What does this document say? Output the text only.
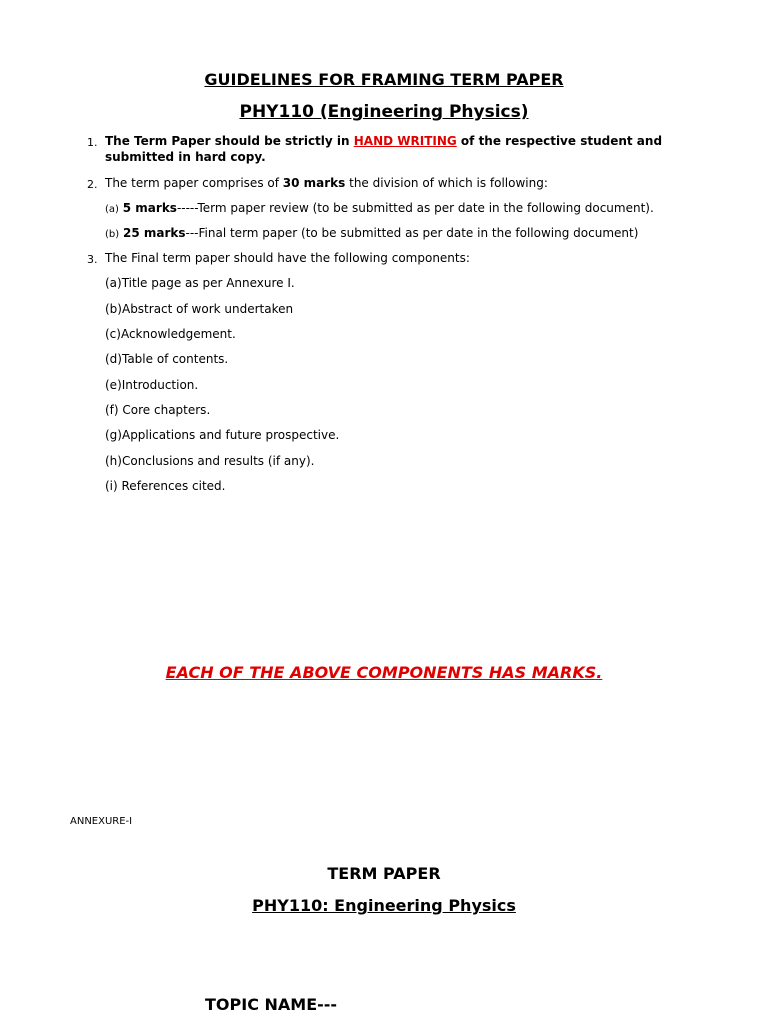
GUIDELINES FOR FRAMING TERM PAPER
PHY110 (Engineering Physics)
1. The Term Paper should be strictly in HAND WRITING of the respective student and submitted in hard copy.
2. The term paper comprises of 30 marks the division of which is following:
(a) 5 marks-----Term paper review (to be submitted as per date in the following document).
(b) 25 marks---Final term paper (to be submitted as per date in the following document)
3. The Final term paper should have the following components:
(a)Title page as per Annexure I.
(b)Abstract of work undertaken
(c)Acknowledgement.
(d)Table of contents.
(e)Introduction.
(f) Core chapters.
(g)Applications and future prospective.
(h)Conclusions and results (if any).
(i) References cited.
EACH OF THE ABOVE COMPONENTS HAS MARKS.
ANNEXURE-I
TERM PAPER
PHY110: Engineering Physics
TOPIC NAME---
